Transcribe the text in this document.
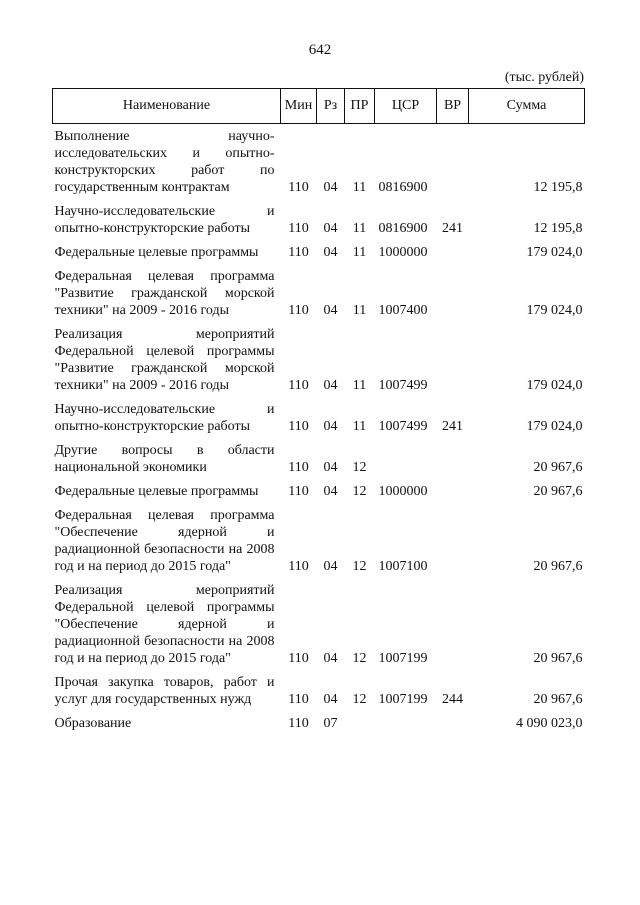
642
(тыс. рублей)
Наименование	Мин	Рз	ПР	ЦСР	ВР	Сумма
Выполнение научно-исследовательских и опытно-конструкторских работ по государственным контрактам	110	04	11	0816900		12 195,8
Научно-исследовательские и опытно-конструкторские работы	110	04	11	0816900	241	12 195,8
Федеральные целевые программы	110	04	11	1000000		179 024,0
Федеральная целевая программа "Развитие гражданской морской техники" на 2009 - 2016 годы	110	04	11	1007400		179 024,0
Реализация мероприятий Федеральной целевой программы "Развитие гражданской морской техники" на 2009 - 2016 годы	110	04	11	1007499		179 024,0
Научно-исследовательские и опытно-конструкторские работы	110	04	11	1007499	241	179 024,0
Другие вопросы в области национальной экономики	110	04	12			20 967,6
Федеральные целевые программы	110	04	12	1000000		20 967,6
Федеральная целевая программа "Обеспечение ядерной и радиационной безопасности на 2008 год и на период до 2015 года"	110	04	12	1007100		20 967,6
Реализация мероприятий Федеральной целевой программы "Обеспечение ядерной и радиационной безопасности на 2008 год и на период до 2015 года"	110	04	12	1007199		20 967,6
Прочая закупка товаров, работ и услуг для государственных нужд	110	04	12	1007199	244	20 967,6
Образование	110	07				4 090 023,0
